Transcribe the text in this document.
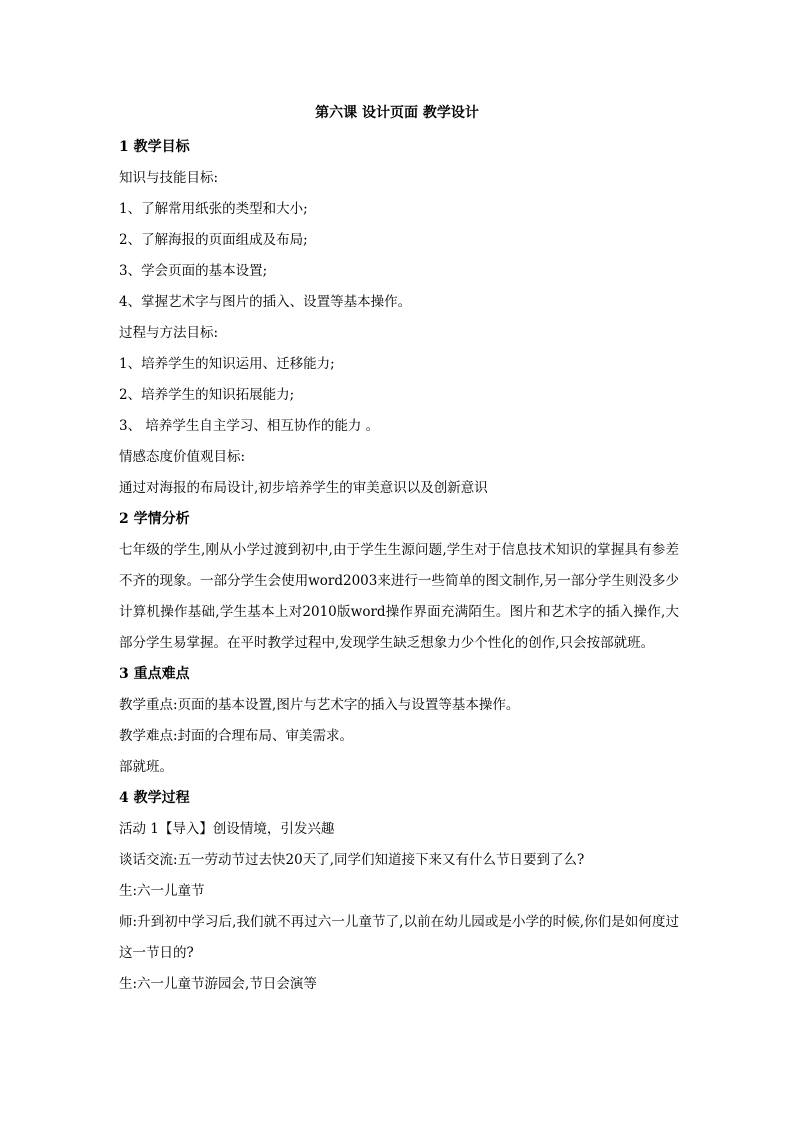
第六课 设计页面 教学设计
1 教学目标
知识与技能目标:
1、了解常用纸张的类型和大小;
2、了解海报的页面组成及布局;
3、学会页面的基本设置;
4、掌握艺术字与图片的插入、设置等基本操作。
过程与方法目标:
1、培养学生的知识运用、迁移能力;
2、培养学生的知识拓展能力;
3、 培养学生自主学习、相互协作的能力 。
情感态度价值观目标:
通过对海报的布局设计,初步培养学生的审美意识以及创新意识
2 学情分析
七年级的学生,刚从小学过渡到初中,由于学生生源问题,学生对于信息技术知识的掌握具有参差不齐的现象。一部分学生会使用word2003来进行一些简单的图文制作,另一部分学生则没多少计算机操作基础,学生基本上对2010版word操作界面充满陌生。图片和艺术字的插入操作,大部分学生易掌握。在平时教学过程中,发现学生缺乏想象力少个性化的创作,只会按部就班。
3 重点难点
教学重点:页面的基本设置,图片与艺术字的插入与设置等基本操作。
教学难点:封面的合理布局、审美需求。
部就班。
4 教学过程
活动 1【导入】创设情境，引发兴趣
谈话交流:五一劳动节过去快20天了,同学们知道接下来又有什么节日要到了么?
生:六一儿童节
师:升到初中学习后,我们就不再过六一儿童节了,以前在幼儿园或是小学的时候,你们是如何度过这一节日的?
生:六一儿童节游园会,节日会演等
